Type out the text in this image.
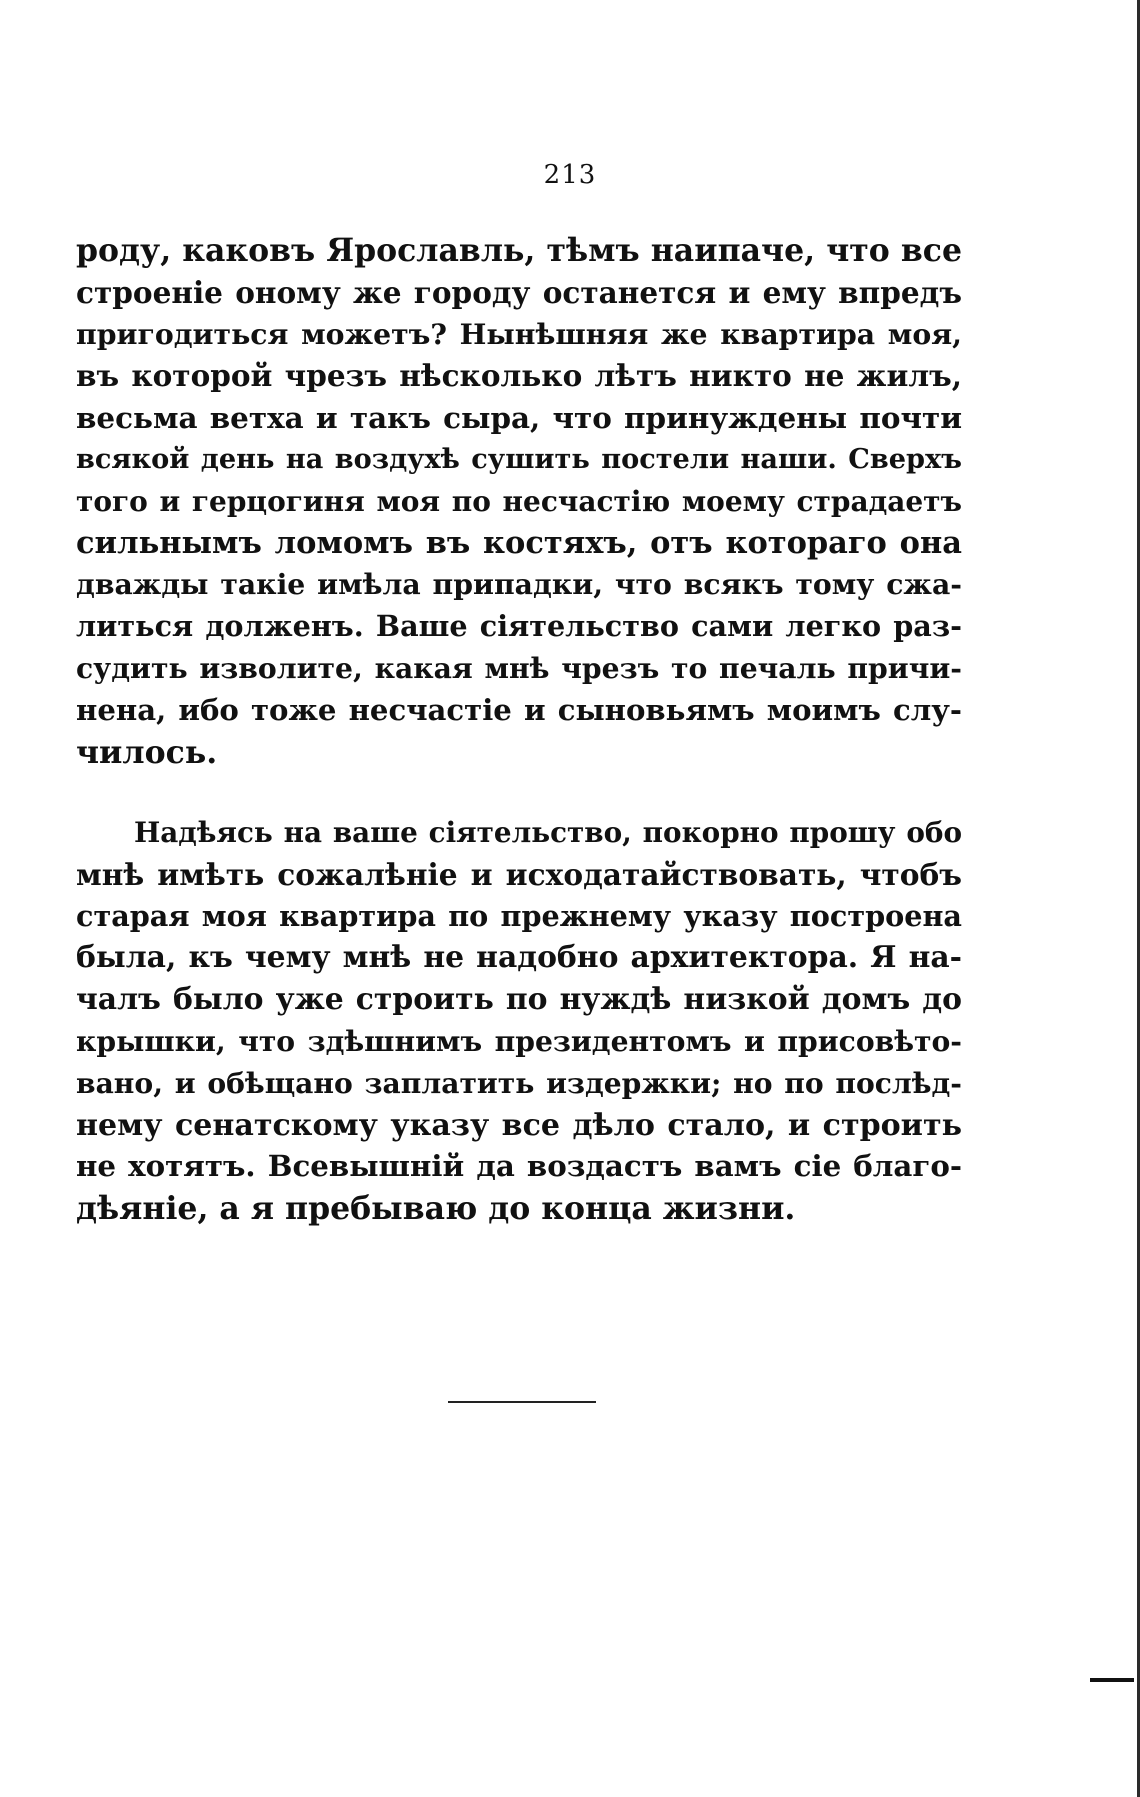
213
роду, каковъ Ярославль, тѣмъ наипаче, что все
строеніе оному же городу останется и ему впредъ
пригодиться можетъ? Нынѣшняя же квартира моя,
въ которой чрезъ нѣсколько лѣтъ никто не жилъ,
весьма ветха и такъ сыра, что принуждены почти
всякой день на воздухѣ сушить постели наши. Сверхъ
того и герцогиня моя по несчастію моему страдаетъ
сильнымъ ломомъ въ костяхъ, отъ котораго она
дважды такіе имѣла припадки, что всякъ тому сжа-
литься долженъ. Ваше сіятельство сами легко раз-
судить изволите, какая мнѣ чрезъ то печаль причи-
нена, ибо тоже несчастіе и сыновьямъ моимъ слу-
чилось.
Надѣясь на ваше сіятельство, покорно прошу обо
мнѣ имѣть сожалѣніе и исходатайствовать, чтобъ
старая моя квартира по прежнему указу построена
была, къ чему мнѣ не надобно архитектора. Я на-
чалъ было уже строить по нуждѣ низкой домъ до
крышки, что здѣшнимъ президентомъ и присовѣто-
вано, и обѣщано заплатить издержки; но по послѣд-
нему сенатскому указу все дѣло стало, и строить
не хотятъ. Всевышній да воздастъ вамъ сіе благо-
дѣяніе, а я пребываю до конца жизни.
